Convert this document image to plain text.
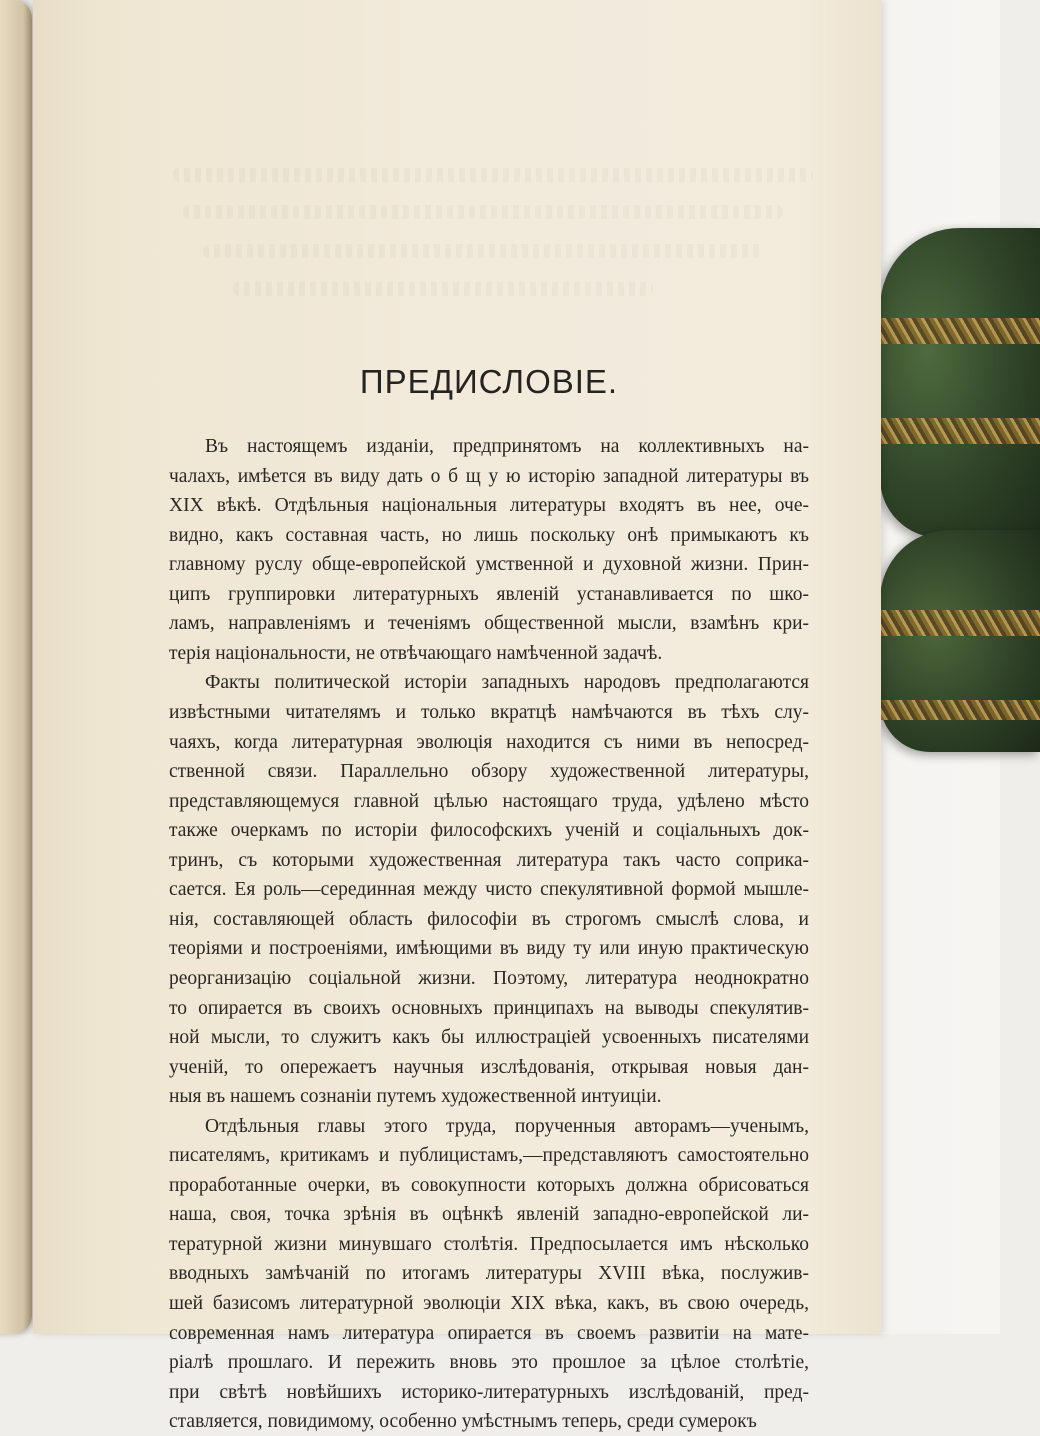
ПРЕДИСЛОВІЕ.
Въ настоящемъ изданіи, предпринятомъ на коллективныхъ на-
чалахъ, имѣется въ виду дать о б щ у ю исторію западной литературы въ
XIX вѣкѣ. Отдѣльныя національныя литературы входятъ въ нее, оче-
видно, какъ составная часть, но лишь поскольку онѣ примыкаютъ къ
главному руслу обще-европейской умственной и духовной жизни. Прин-
ципъ группировки литературныхъ явленій устанавливается по шко-
ламъ, направленіямъ и теченіямъ общественной мысли, взамѣнъ кри-
терія національности, не отвѣчающаго намѣченной задачѣ.
Факты политической исторіи западныхъ народовъ предполагаются
извѣстными читателямъ и только вкратцѣ намѣчаются въ тѣхъ слу-
чаяхъ, когда литературная эволюція находится съ ними въ непосред-
ственной связи. Параллельно обзору художественной литературы,
представляющемуся главной цѣлью настоящаго труда, удѣлено мѣсто
также очеркамъ по исторіи философскихъ ученій и соціальныхъ док-
тринъ, съ которыми художественная литература такъ часто соприка-
сается. Ея роль—серединная между чисто спекулятивной формой мышле-
нія, составляющей область философіи въ строгомъ смыслѣ слова, и
теоріями и построеніями, имѣющими въ виду ту или иную практическую
реорганизацію соціальной жизни. Поэтому, литература неоднократно
то опирается въ своихъ основныхъ принципахъ на выводы спекулятив-
ной мысли, то служитъ какъ бы иллюстраціей усвоенныхъ писателями
ученій, то опережаетъ научныя изслѣдованія, открывая новыя дан-
ныя въ нашемъ сознаніи путемъ художественной интуиціи.
Отдѣльныя главы этого труда, порученныя авторамъ—ученымъ,
писателямъ, критикамъ и публицистамъ,—представляютъ самостоятельно
проработанные очерки, въ совокупности которыхъ должна обрисоваться
наша, своя, точка зрѣнія въ оцѣнкѣ явленій западно-европейской ли-
тературной жизни минувшаго столѣтія. Предпосылается имъ нѣсколько
вводныхъ замѣчаній по итогамъ литературы XVIII вѣка, послужив-
шей базисомъ литературной эволюціи XIX вѣка, какъ, въ свою очередь,
современная намъ литература опирается въ своемъ развитіи на мате-
ріалѣ прошлаго. И пережить вновь это прошлое за цѣлое столѣтіе,
при свѣтѣ новѣйшихъ историко-литературныхъ изслѣдованій, пред-
ставляется, повидимому, особенно умѣстнымъ теперь, среди сумерокъ
